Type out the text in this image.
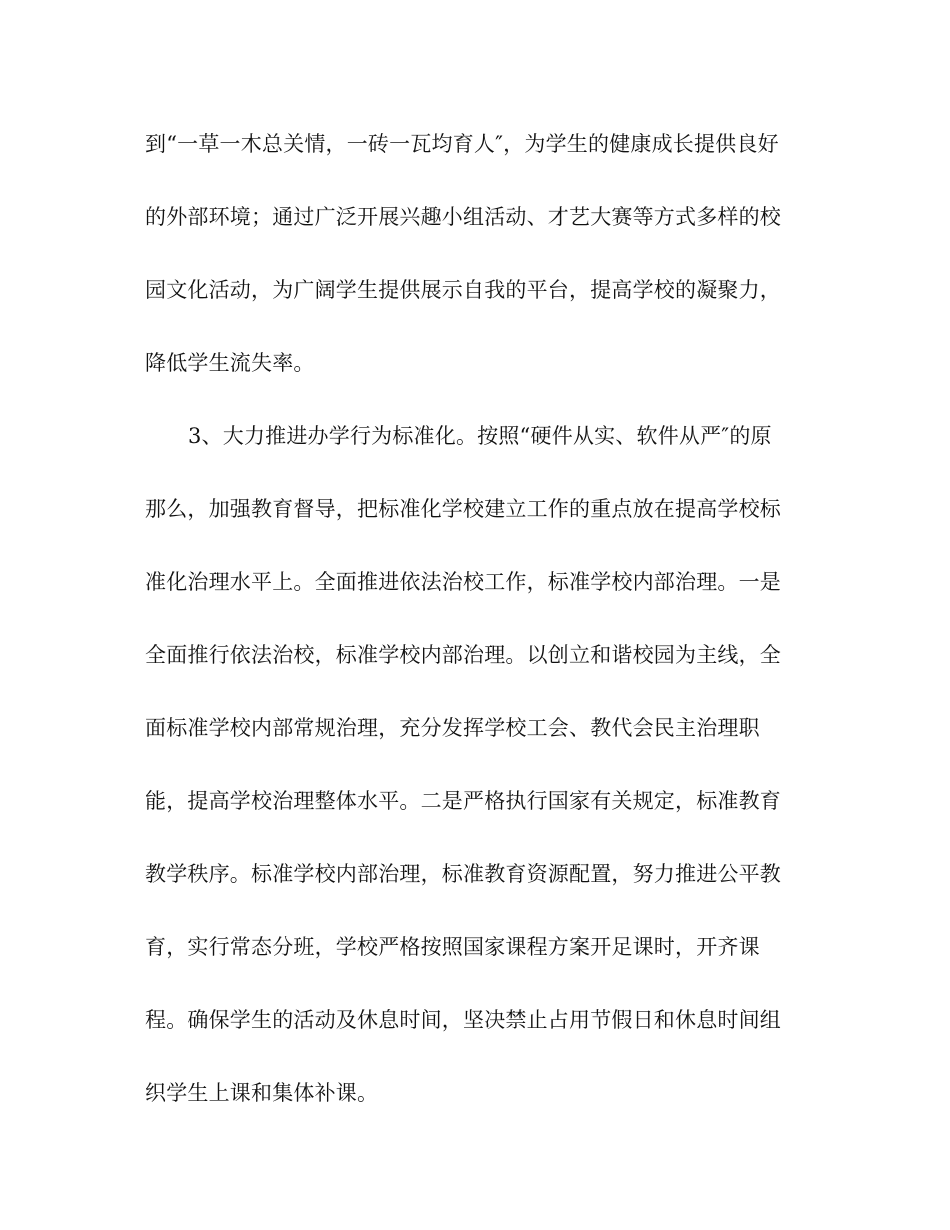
到“一草一木总关情，一砖一瓦均育人″，为学生的健康成长提供良好
的外部环境；通过广泛开展兴趣小组活动、才艺大赛等方式多样的校
园文化活动，为广阔学生提供展示自我的平台，提高学校的凝聚力，
降低学生流失率。
3、大力推进办学行为标准化。按照“硬件从实、软件从严″的原
那么，加强教育督导，把标准化学校建立工作的重点放在提高学校标
准化治理水平上。全面推进依法治校工作，标准学校内部治理。一是
全面推行依法治校，标准学校内部治理。以创立和谐校园为主线，全
面标准学校内部常规治理，充分发挥学校工会、教代会民主治理职
能，提高学校治理整体水平。二是严格执行国家有关规定，标准教育
教学秩序。标准学校内部治理，标准教育资源配置，努力推进公平教
育，实行常态分班，学校严格按照国家课程方案开足课时，开齐课
程。确保学生的活动及休息时间，坚决禁止占用节假日和休息时间组
织学生上课和集体补课。
